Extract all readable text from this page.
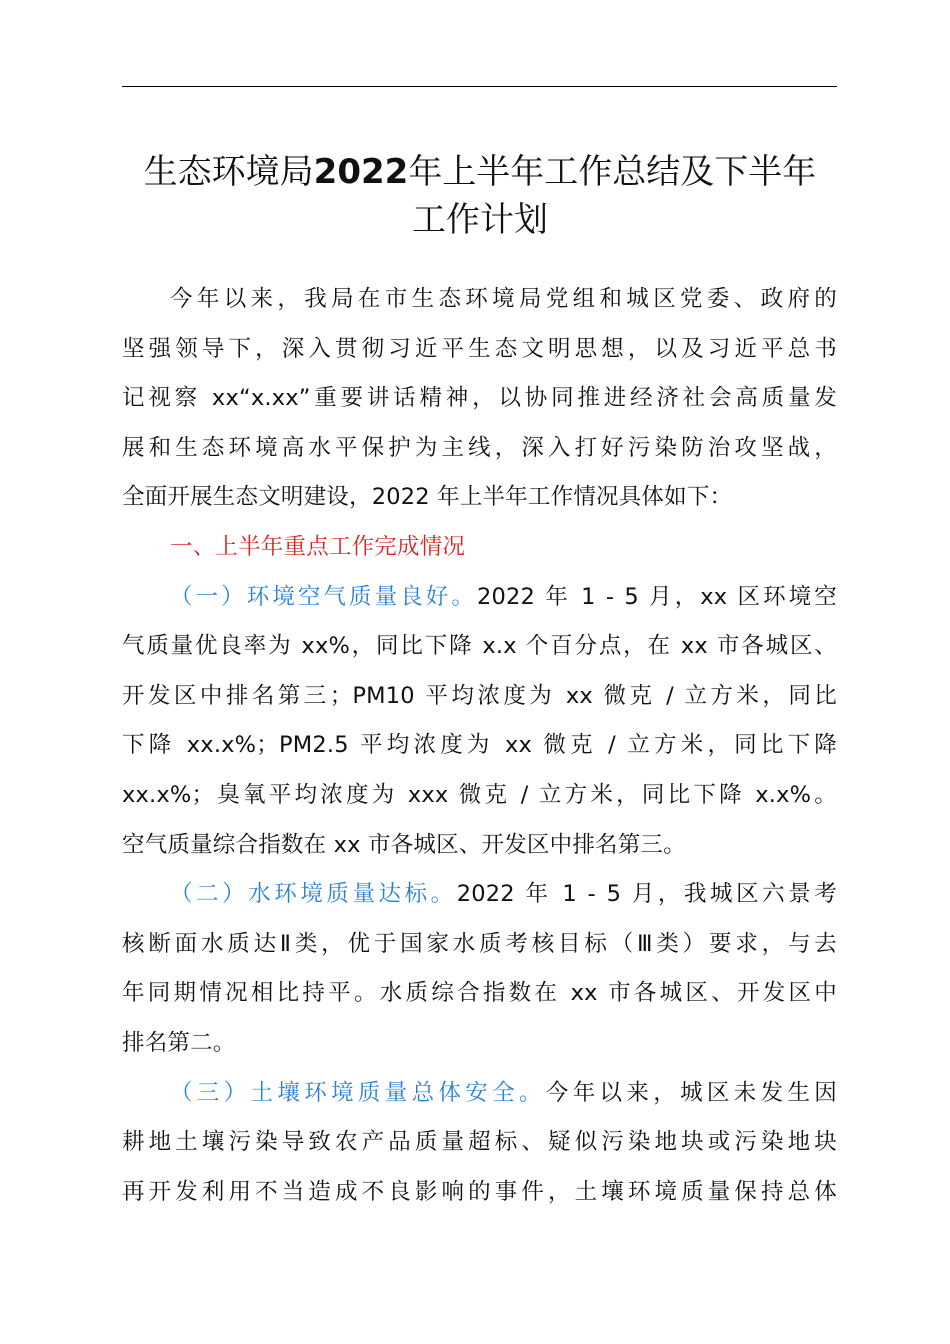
生态环境局2022年上半年工作总结及下半年
工作计划
今年以来，我局在市生态环境局党组和城区党委、政府的
坚强领导下，深入贯彻习近平生态文明思想，以及习近平总书
记视察 xx“x.xx”重要讲话精神，以协同推进经济社会高质量发
展和生态环境高水平保护为主线，深入打好污染防治攻坚战，
全面开展生态文明建设，2022 年上半年工作情况具体如下：
一、上半年重点工作完成情况
（一）环境空气质量良好。2022 年 1 - 5 月，xx 区环境空
气质量优良率为 xx%，同比下降 x.x 个百分点，在 xx 市各城区、
开发区中排名第三；PM10 平均浓度为 xx 微克 / 立方米，同比
下降 xx.x%；PM2.5 平均浓度为 xx 微克 / 立方米，同比下降
xx.x%；臭氧平均浓度为 xxx 微克 / 立方米，同比下降 x.x%。
空气质量综合指数在 xx 市各城区、开发区中排名第三。
（二）水环境质量达标。2022 年 1 - 5 月，我城区六景考
核断面水质达Ⅱ类，优于国家水质考核目标（Ⅲ类）要求，与去
年同期情况相比持平。水质综合指数在 xx 市各城区、开发区中
排名第二。
（三）土壤环境质量总体安全。今年以来，城区未发生因
耕地土壤污染导致农产品质量超标、疑似污染地块或污染地块
再开发利用不当造成不良影响的事件，土壤环境质量保持总体
